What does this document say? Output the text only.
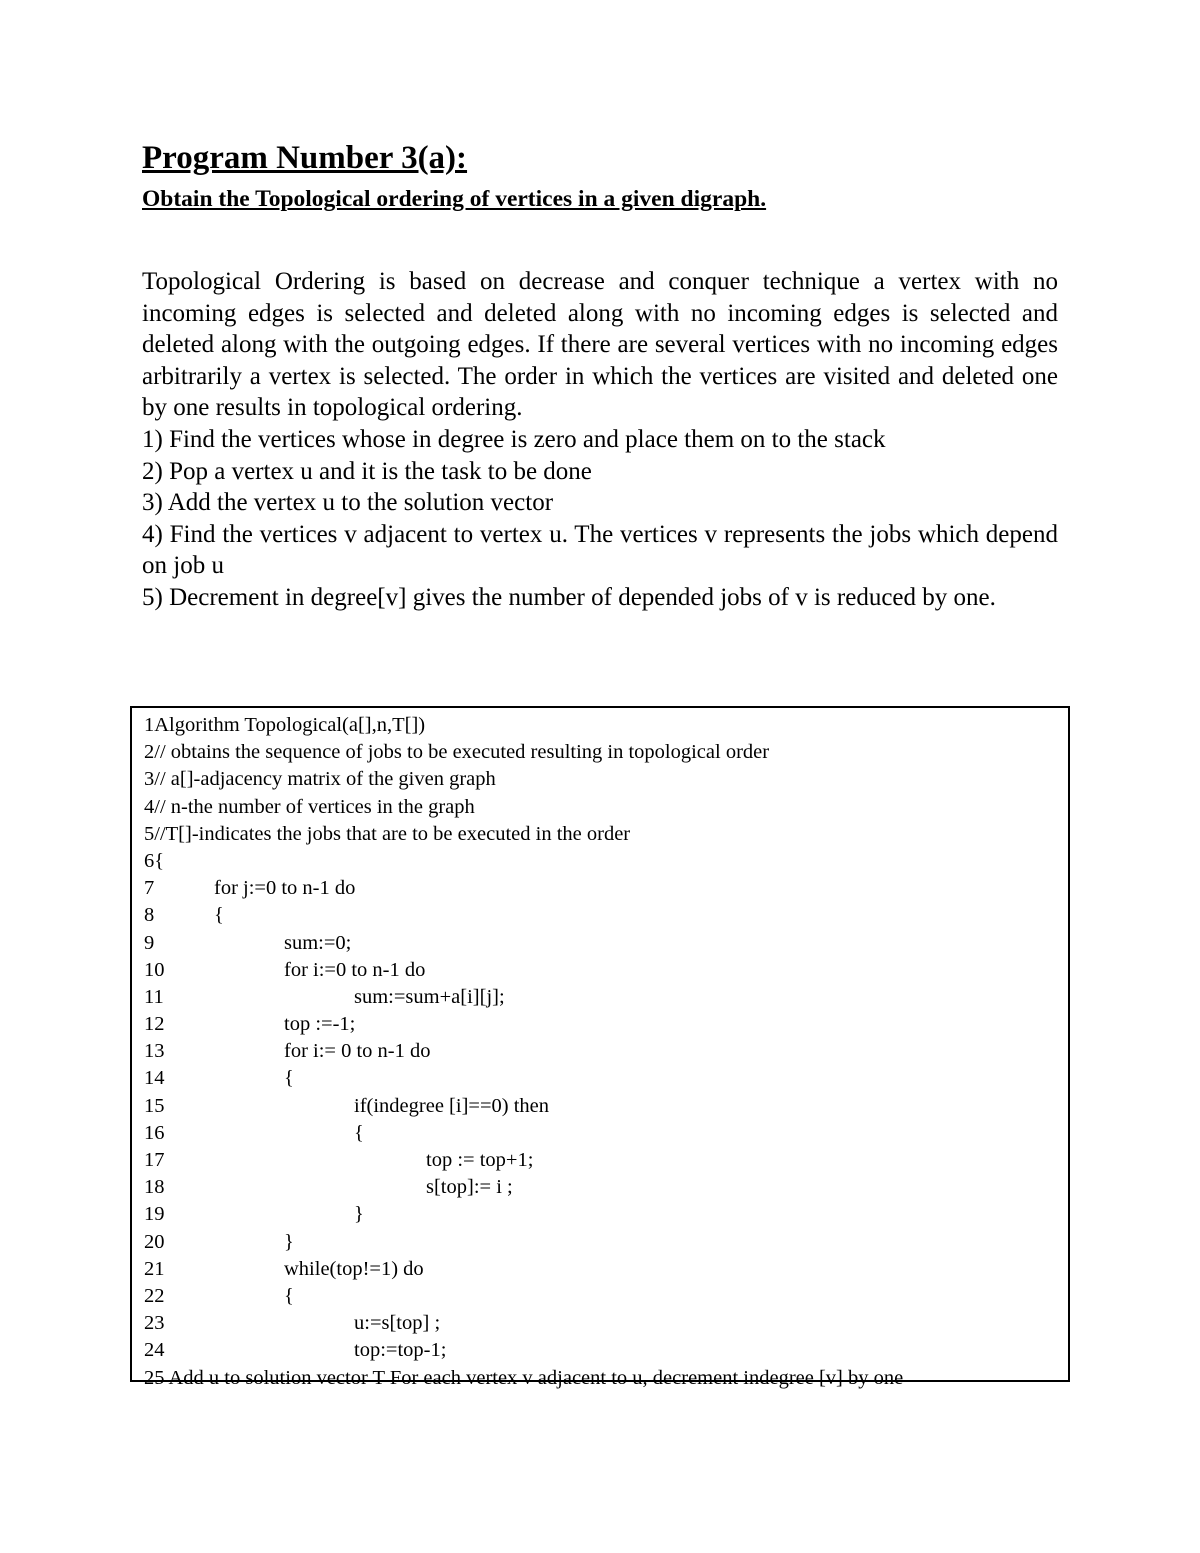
Program Number 3(a):
Obtain the Topological ordering of vertices in a given digraph.

Topological Ordering is based on decrease and conquer technique a vertex with no incoming edges is selected and deleted along with no incoming edges is selected and deleted along with the outgoing edges. If there are several vertices with no incoming edges arbitrarily a vertex is selected. The order in which the vertices are visited and deleted one by one results in topological ordering.

1) Find the vertices whose in degree is zero and place them on to the stack
2) Pop a vertex u and it is the task to be done
3) Add the vertex u to the solution vector
4) Find the vertices v adjacent to vertex u. The vertices v represents the jobs which depend on job u
5) Decrement in degree[v] gives the number of depended jobs of v is reduced by one.
1Algorithm Topological(a[],n,T[])
2// obtains the sequence of jobs to be executed resulting in topological order
3// a[]-adjacency matrix of the given graph
4// n-the number of vertices in the graph
5//T[]-indicates the jobs that are to be executed in the order
6{
7	for j:=0 to n-1 do
8	{
9	sum:=0;
10	for i:=0 to n-1 do
11	sum:=sum+a[i][j];
12	top :=-1;
13	for i:= 0 to n-1 do
14	{
15	if(indegree [i]==0) then
16	{
17	top := top+1;
18	s[top]:= i ;
19	}
20	}
21	while(top!=1) do
22	{
23	u:=s[top] ;
24	top:=top-1;
25 Add u to solution vector T For each vertex v adjacent to u, decrement indegree [v] by one
